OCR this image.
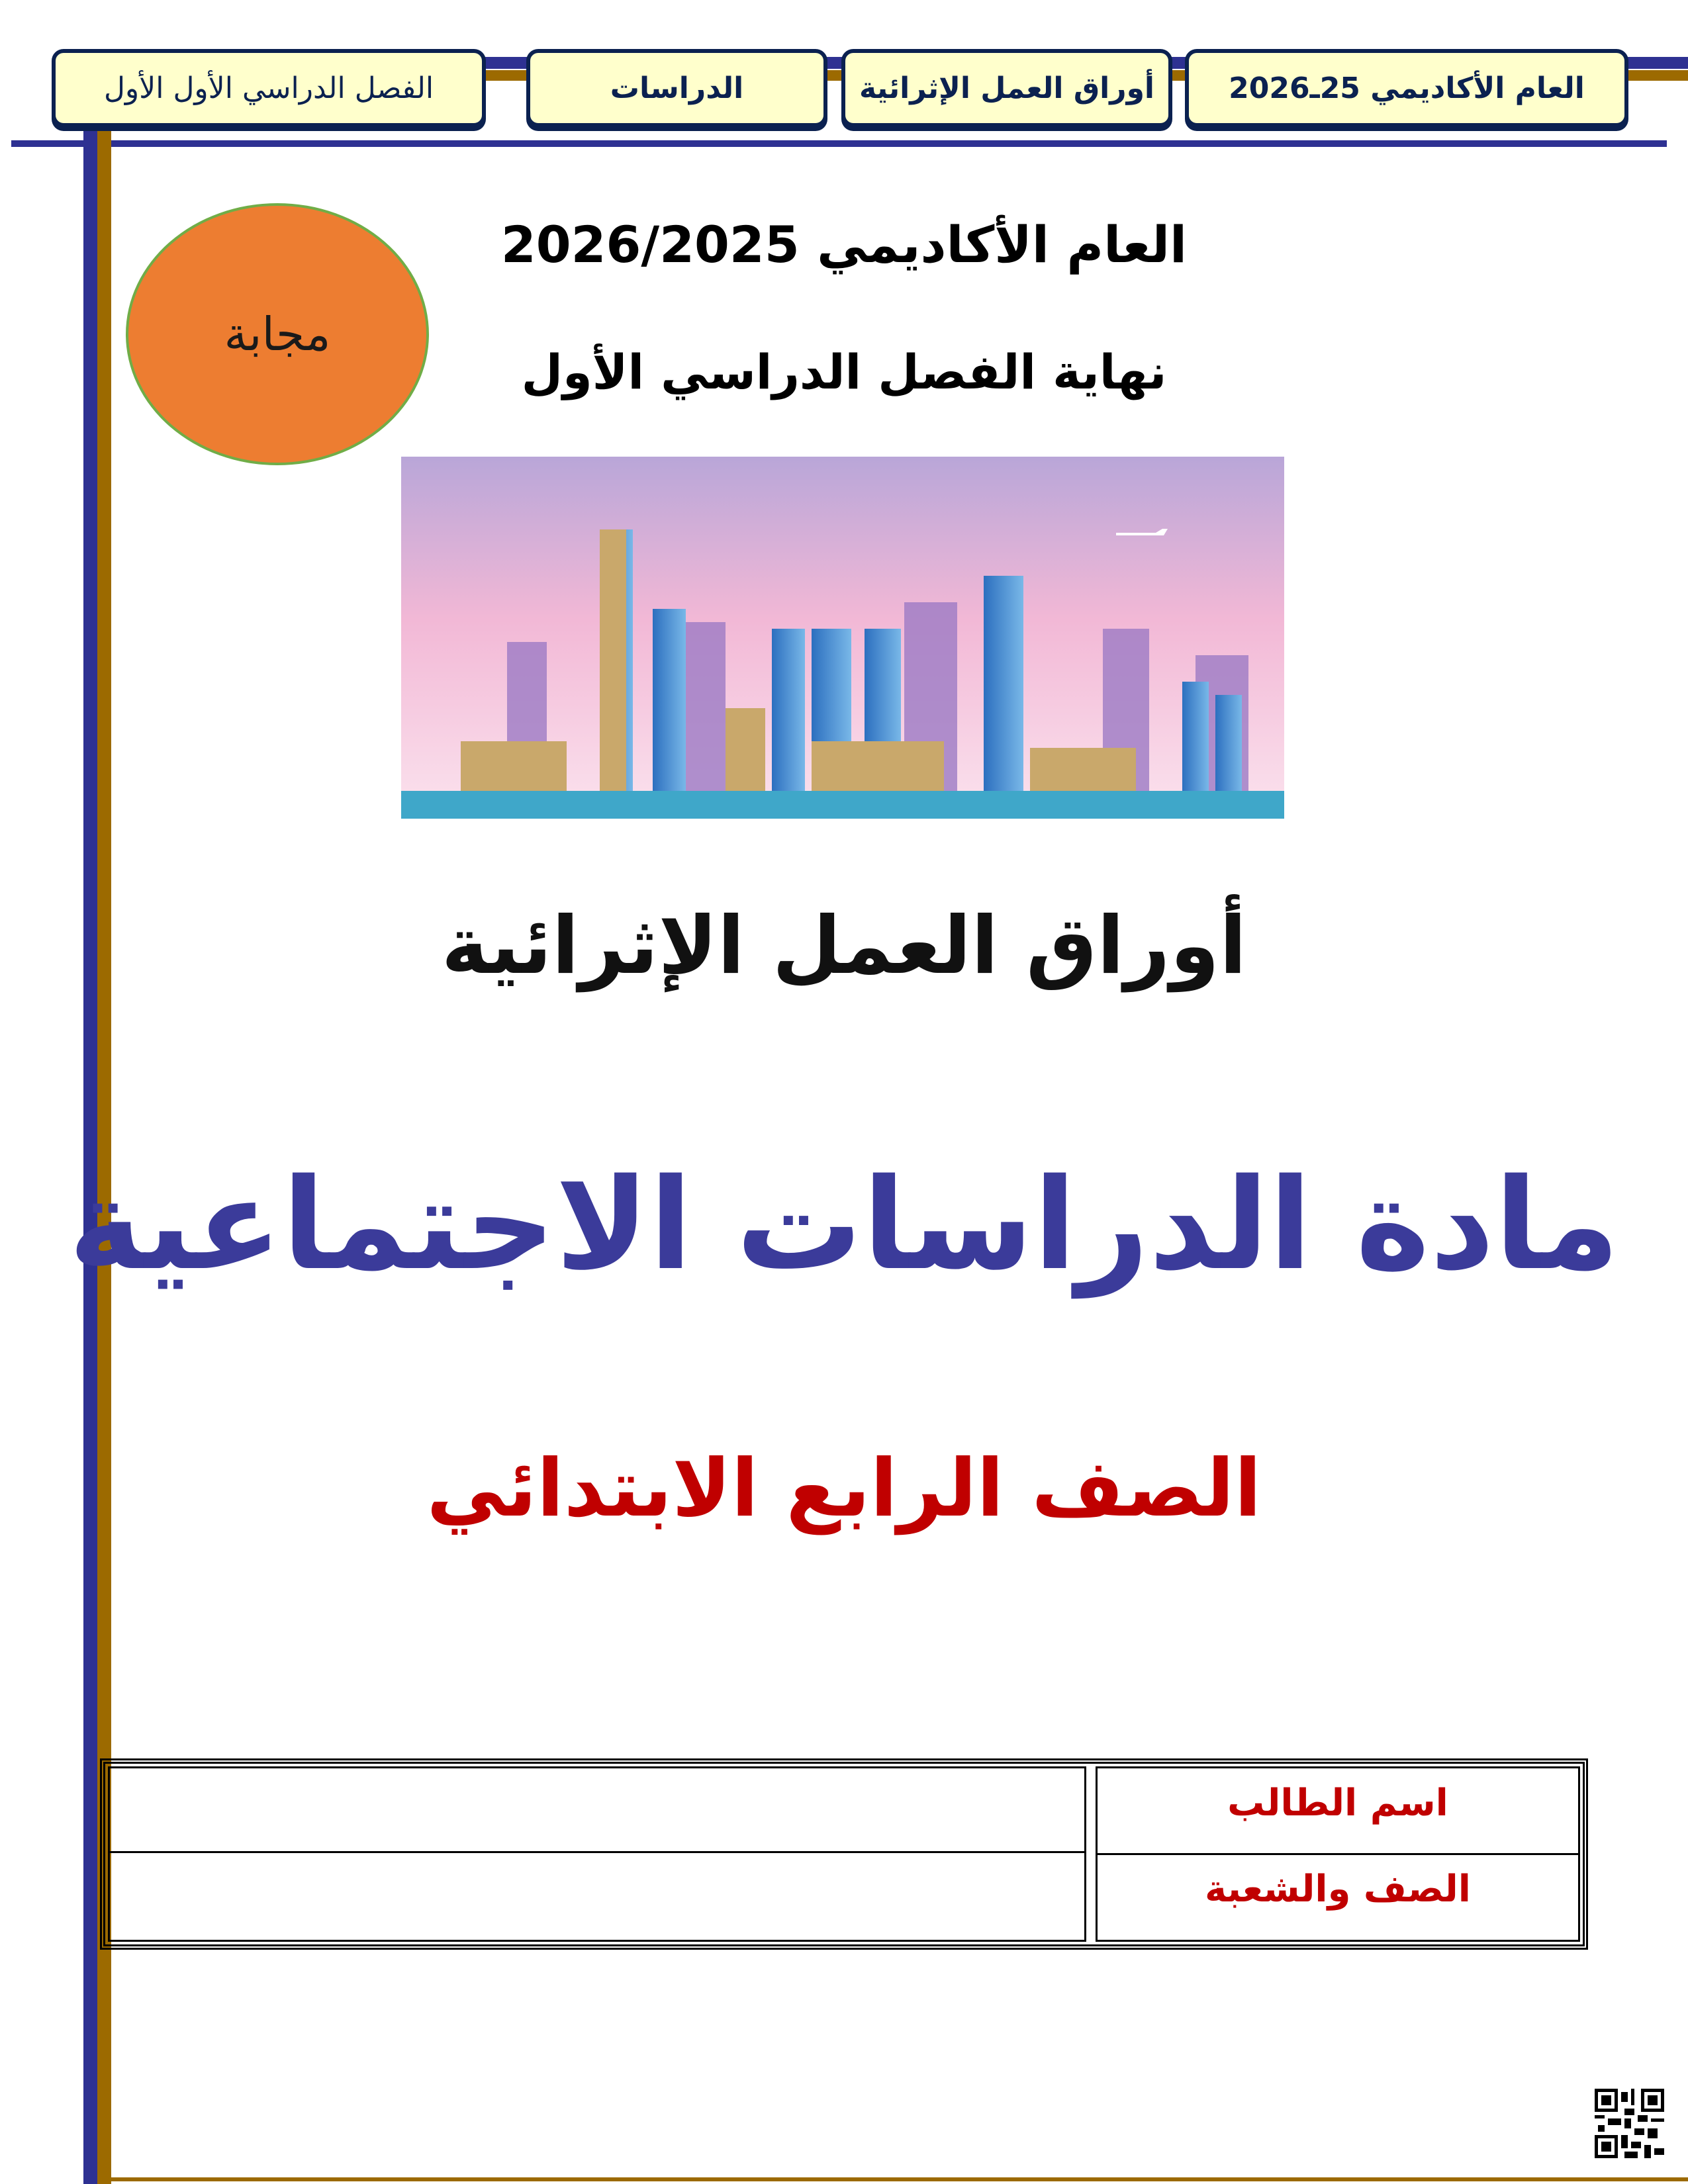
العام الأكاديمي 25ـ2026
أوراق العمل الإثرائية
الدراسات
الفصل الدراسي الأول الأول
مجابة
العام الأكاديمي 2026/2025
نهاية الفصل الدراسي الأول
أوراق العمل الإثرائية
مادة الدراسات الاجتماعية
الصف الرابع الابتدائي
اسم الطالب
الصف والشعبة
